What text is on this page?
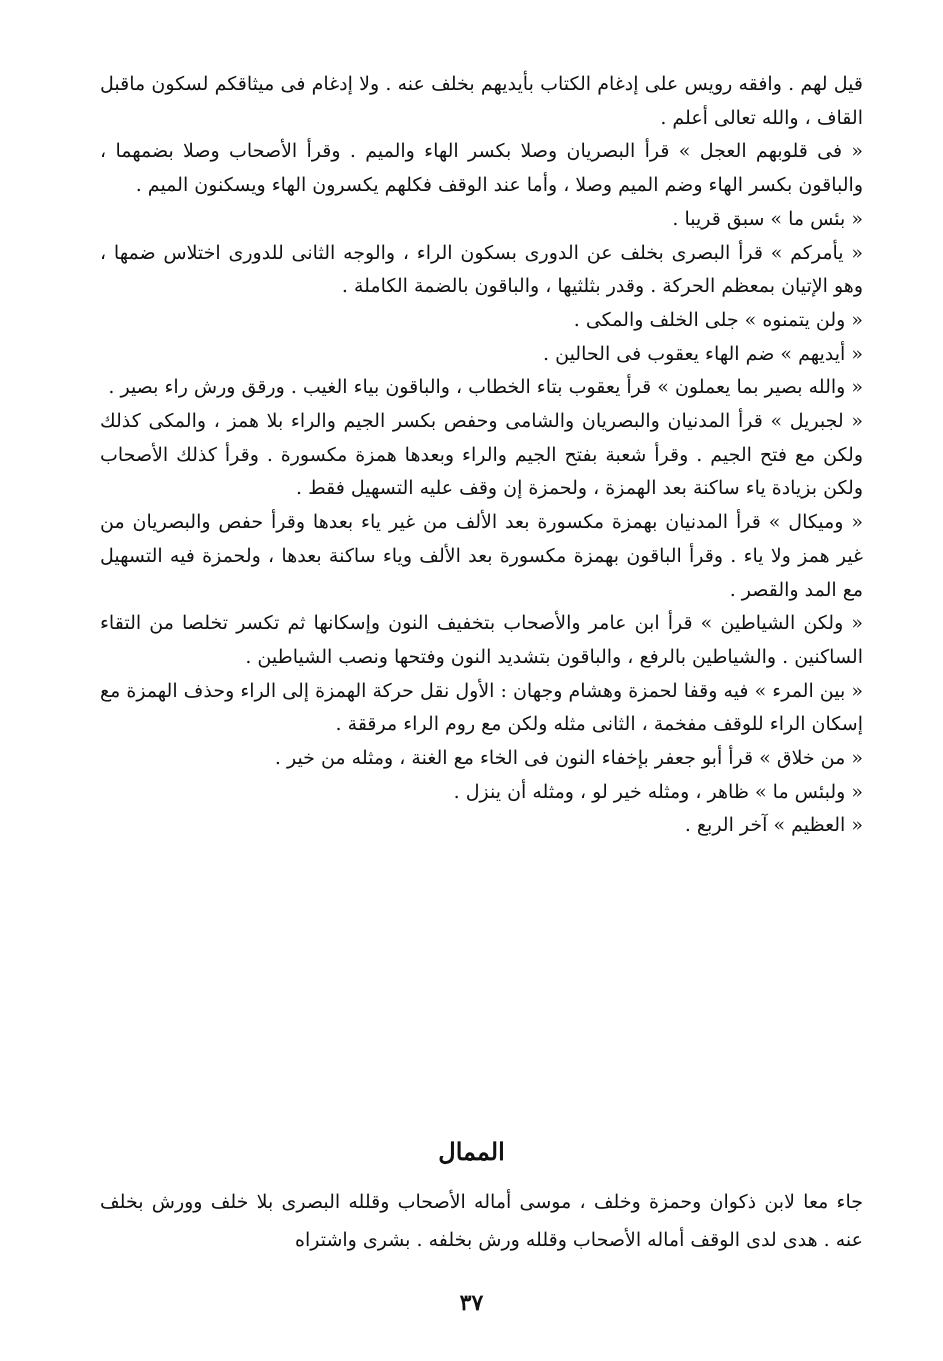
قيل لهم . وافقه رويس على إدغام الكتاب بأيديهم بخلف عنه . ولا إدغام فى ميثاقكم لسكون ماقبل القاف ، والله تعالى أعلم .

« فى قلوبهم العجل » قرأ البصريان وصلا بكسر الهاء والميم . وقرأ الأصحاب وصلا بضمهما ، والباقون بكسر الهاء وضم الميم وصلا ، وأما عند الوقف فكلهم يكسرون الهاء ويسكنون الميم .

« بئس ما » سبق قريبا .

« يأمركم » قرأ البصرى بخلف عن الدورى بسكون الراء ، والوجه الثانى للدورى اختلاس ضمها ، وهو الإتيان بمعظم الحركة . وقدر بثلثيها ، والباقون بالضمة الكاملة .

« ولن يتمنوه » جلى الخلف والمكى .

« أيديهم » ضم الهاء يعقوب فى الحالين .

« والله بصير بما يعملون » قرأ يعقوب بتاء الخطاب ، والباقون بياء الغيب . ورقق ورش راء بصير .

« لجبريل » قرأ المدنيان والبصريان والشامى وحفص بكسر الجيم والراء بلا همز ، والمكى كذلك ولكن مع فتح الجيم . وقرأ شعبة بفتح الجيم والراء وبعدها همزة مكسورة . وقرأ كذلك الأصحاب ولكن بزيادة ياء ساكنة بعد الهمزة ، ولحمزة إن وقف عليه التسهيل فقط .

« وميكال » قرأ المدنيان بهمزة مكسورة بعد الألف من غير ياء بعدها وقرأ حفص والبصريان من غير همز ولا ياء . وقرأ الباقون بهمزة مكسورة بعد الألف وياء ساكنة بعدها ، ولحمزة فيه التسهيل مع المد والقصر .

« ولكن الشياطين » قرأ ابن عامر والأصحاب بتخفيف النون وإسكانها ثم تكسر تخلصا من التقاء الساكنين . والشياطين بالرفع ، والباقون بتشديد النون وفتحها ونصب الشياطين .

« بين المرء » فيه وقفا لحمزة وهشام وجهان : الأول نقل حركة الهمزة إلى الراء وحذف الهمزة مع إسكان الراء للوقف مفخمة ، الثانى مثله ولكن مع روم الراء مرققة .

« من خلاق » قرأ أبو جعفر بإخفاء النون فى الخاء مع الغنة ، ومثله من خير .

« ولبئس ما » ظاهر ، ومثله خير لو ، ومثله أن ينزل .

« العظيم » آخر الربع .

الممال
جاء معا لابن ذكوان وحمزة وخلف ، موسى أماله الأصحاب وقلله البصرى بلا خلف وورش بخلف عنه . هدى لدى الوقف أماله الأصحاب وقلله ورش بخلفه . بشرى واشتراه
٣٧
